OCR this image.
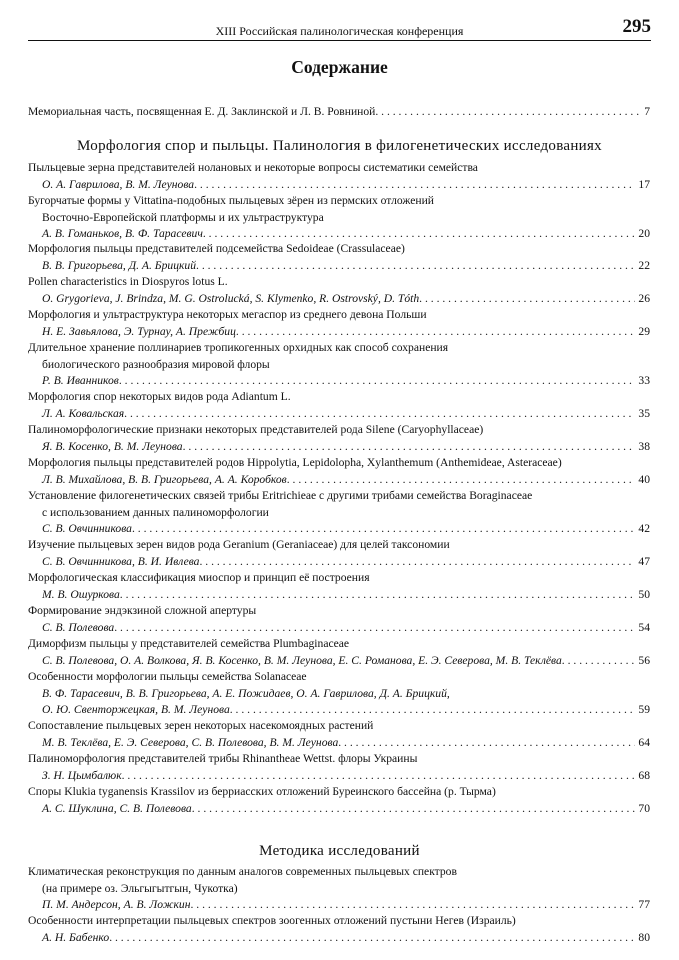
XIII Российская палинологическая конференция	295
Содержание
Мемориальная часть, посвященная Е. Д. Заклинской и Л. В. Ровниной . . .	7
Морфология спор и пыльцы. Палинология в филогенетических исследованиях
Пыльцевые зерна представителей нолановых и некоторые вопросы систематики семейства
О. А. Гаврилова, В. М. Леунова . . .	17
Бугорчатые формы у Vittatina-подобных пыльцевых зёрен из пермских отложений
Восточно-Европейской платформы и их ультраструктура
А. В. Гоманьков, В. Ф. Тарасевич . . .	20
Морфология пыльцы представителей подсемейства Sedoideae (Crassulaceae)
В. В. Григорьева, Д. А. Брицкий . . .	22
Pollen characteristics in Diospyros lotus L.
O. Grygorieva, J. Brindza, M. G. Ostrolucká, S. Klymenko, R. Ostrovský, D. Tóth . . .	26
Морфология и ультраструктура некоторых мегаспор из среднего девона Польши
Н. Е. Завьялова, Э. Турнау, А. Прежбиц . . .	29
Длительное хранение поллинариев тропикогенных орхидных как способ сохранения
биологического разнообразия мировой флоры
Р. В. Иванников . . .	33
Морфология спор некоторых видов рода Adiantum L.
Л. А. Ковальская . . .	35
Палиноморфологические признаки некоторых представителей рода Silene (Caryophyllaceae)
Я. В. Косенко, В. М. Леунова . . .	38
Морфология пыльцы представителей родов Hippolytia, Lepidolopha, Xylanthemum (Anthemideae, Asteraceae)
Л. В. Михайлова, В. В. Григорьева, А. А. Коробков . . .	40
Установление филогенетических связей трибы Eritrichieae с другими трибами семейства Boraginaceae
с использованием данных палиноморфологии
С. В. Овчинникова . . .	42
Изучение пыльцевых зерен видов рода Geranium (Geraniaceae) для целей таксономии
С. В. Овчинникова, В. И. Ивлева . . .	47
Морфологическая классификация миоспор и принцип её построения
М. В. Ошуркова . . .	50
Формирование эндэкзиной сложной апертуры
С. В. Полевова . . .	54
Диморфизм пыльцы у представителей семейства Plumbaginaceae
С. В. Полевова, О. А. Волкова, Я. В. Косенко, В. М. Леунова, Е. С. Романова, Е. Э. Северова, М. В. Теклёва . . .	56
Особенности морфологии пыльцы семейства Solanaceae
В. Ф. Тарасевич, В. В. Григорьева, А. Е. Пожидаев, О. А. Гаврилова, Д. А. Брицкий,
О. Ю. Свенторжецкая, В. М. Леунова . . .	59
Сопоставление пыльцевых зерен некоторых насекомоядных растений
М. В. Теклёва, Е. Э. Северова, С. В. Полевова, В. М. Леунова . . .	64
Палиноморфология представителей трибы Rhinantheae Wettst. флоры Украины
З. Н. Цымбалюк . . .	68
Споры Klukia tyganensis Krassilov из берриасских отложений Буреинского бассейна (р. Тырма)
А. С. Шуклина, С. В. Полевова . . .	70
Методика исследований
Климатическая реконструкция по данным аналогов современных пыльцевых спектров
(на примере оз. Эльгыгытгын, Чукотка)
П. М. Андерсон, А. В. Ложкин . . .	77
Особенности интерпретации пыльцевых спектров зоогенных отложений пустыни Негев (Израиль)
А. Н. Бабенко . . .	80
